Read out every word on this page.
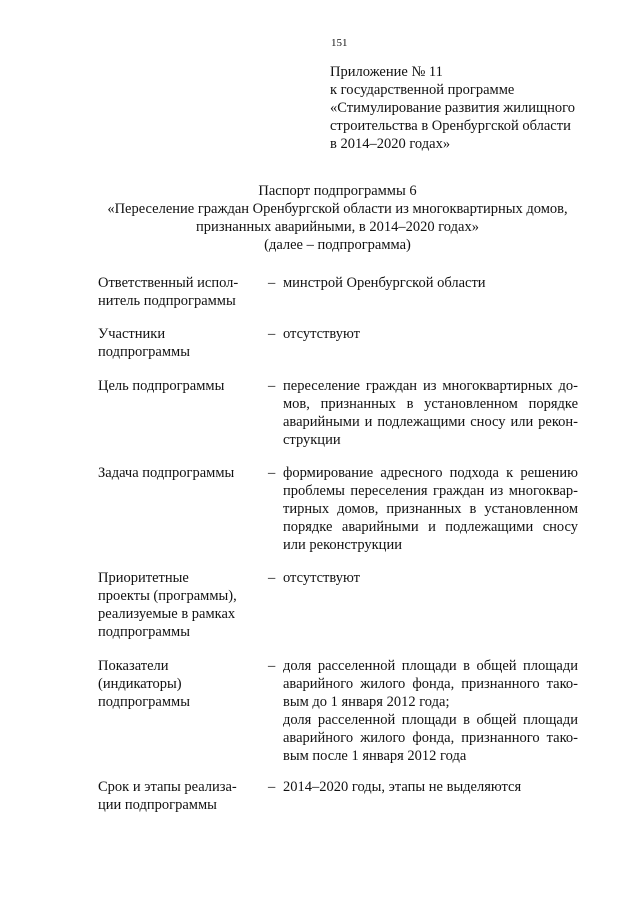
151
Приложение № 11
к государственной программе
«Стимулирование развития жилищного
строительства в Оренбургской области
в 2014–2020 годах»
Паспорт подпрограммы 6
«Переселение граждан Оренбургской области из многоквартирных домов,
признанных аварийными, в 2014–2020 годах»
(далее – подпрограмма)
Ответственный испол-
нитель подпрограммы
– минстрой Оренбургской области
Участники
подпрограммы
– отсутствуют
Цель подпрограммы	– переселение граждан из многоквартирных до-
мов, признанных в установленном порядке
аварийными и подлежащими сносу или рекон-
струкции
Задача подпрограммы	– формирование адресного подхода к решению
проблемы переселения граждан из многоквар-
тирных домов, признанных в установленном
порядке аварийными и подлежащими сносу
или реконструкции
Приоритетные
проекты (программы),
реализуемые в рамках
подпрограммы
– отсутствуют
Показатели
(индикаторы)
подпрограммы
– доля расселенной площади в общей площади
аварийного жилого фонда, признанного тако-
вым до 1 января 2012 года;
доля расселенной площади в общей площади
аварийного жилого фонда, признанного тако-
вым после 1 января 2012 года
Срок и этапы реализа-
ции подпрограммы
– 2014–2020 годы, этапы не выделяются
